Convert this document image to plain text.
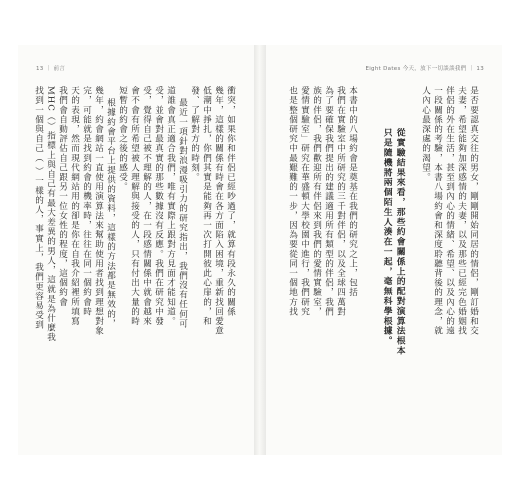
13 ｜ 前言	Eight Dates 今天，放下一切談談我們 ｜ 13
是否要認真交往的男女，剛剛開始同居的情侶，剛訂婚和交
夫妻，希望能夠加深感情的夫妻，以及那些已經完色婚姻找
伴侶的外在生活，甚至到內心的情緒、希望、以及內心的遠
一段關係的考驗，本書八場約會和深度聆聽背後的理念，就
人內心最深處的渴望。
從實驗結果來看，那些約會關係上的配對演算法根本
只是隨機將兩個陌生人湊在一起，毫無科學根據。
本書中的八場約會是奠基在我們的研究之上，包括
我們在實驗室中所研究的三千對伴侶，以及全球四萬對
為了要確保我們提出的建議適用所有類型的伴侶，我們
族的伴侶，我們歡迎所有伴侶來到我們的愛情實驗室，
愛情實驗室」研究在華盛頓大學校園中進行，我們研究
也是整個研究中最艱難的一步，因為要從同一個地方找
衝突，如果你和伴侶已經吵過了，就算有段永久的關係
幾年，這樣的關係有時會在各方面陷入困境，重新找回愛意
低潮中掙扎，你們其實是能夠再一次打開彼此心扉的，和
發、了解對方的時刻。
最近一項針對浪漫吸引力的研究指出，我們沒有任何可
道誰會真正適合我們，唯有實際上跟對方見面才能知道。
受，並會對最真實的那些數據沒有反應。我們在研究中發
受，覺得自己被不理解的人，在一段感情關係中就會越來
會不會有所希望被人理解與接受的人，只有付出大量的時
短暫的約會之後的感受。
根據約會平台上提供的資料，這樣的方法都是無效的，
幾年，約會網站一直使用演算法來幫助使用者找到理想對象
完，可能就是找到約會的機率時，往往在同一個約會時
天的表現，然而現代網站用的卻是你在自我介紹裡所填寫
我們會自動評估自己跟另一位女性的程度，這個約會
MHC（）指標上與自己有最大差異的男人，這就是為什麼我
找到一個與自己（ ）一樣的人，事實上，我們更容易受到
